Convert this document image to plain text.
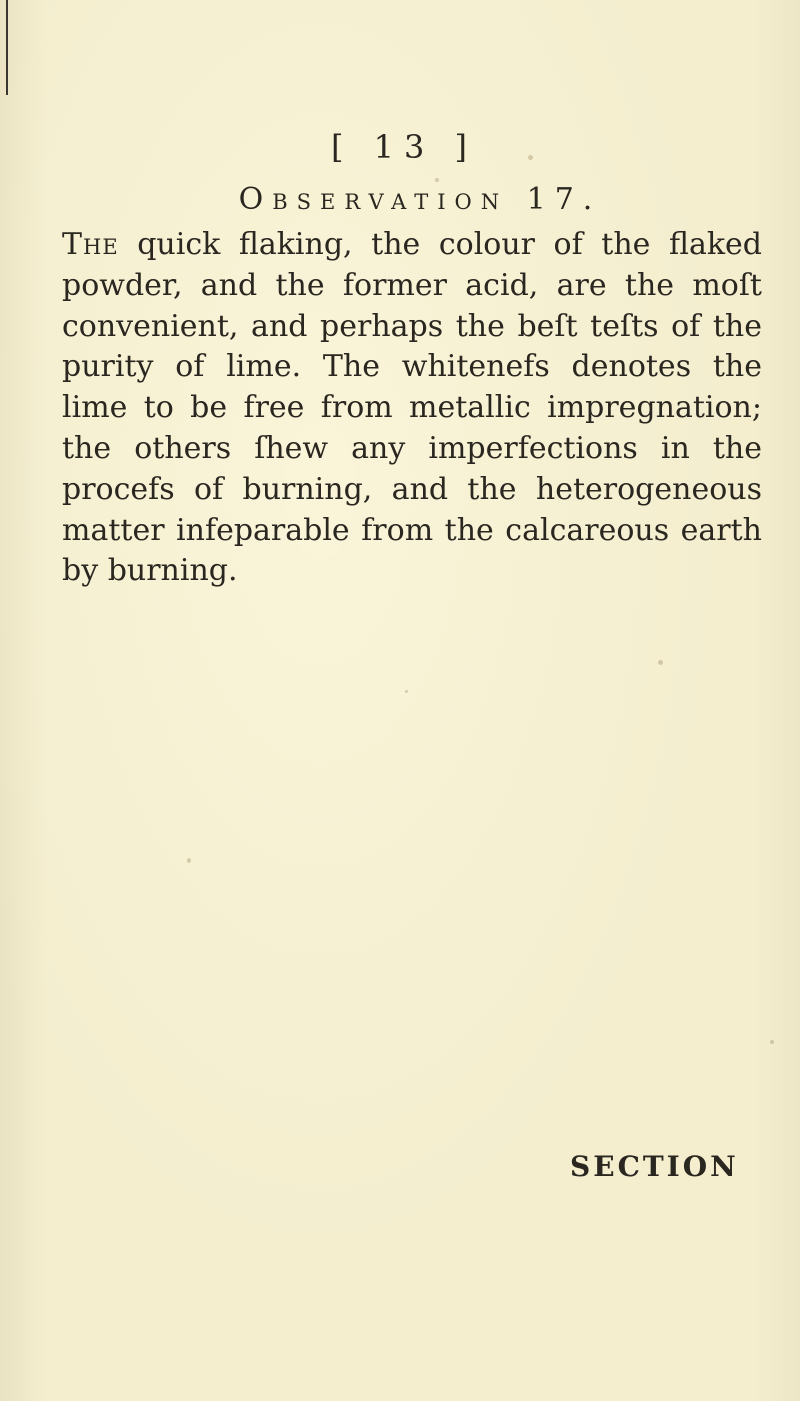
[ 13 ]
Observation 17.

The quick flaking, the colour of the flaked powder, and the former acid, are the moſt convenient, and perhaps the beſt teſts of the purity of lime. The whitenefs denotes the lime to be free from metallic impregnation; the others ſhew any imperfections in the procefs of burning, and the heterogeneous matter infeparable from the calcareous earth by burning.

SECTION
